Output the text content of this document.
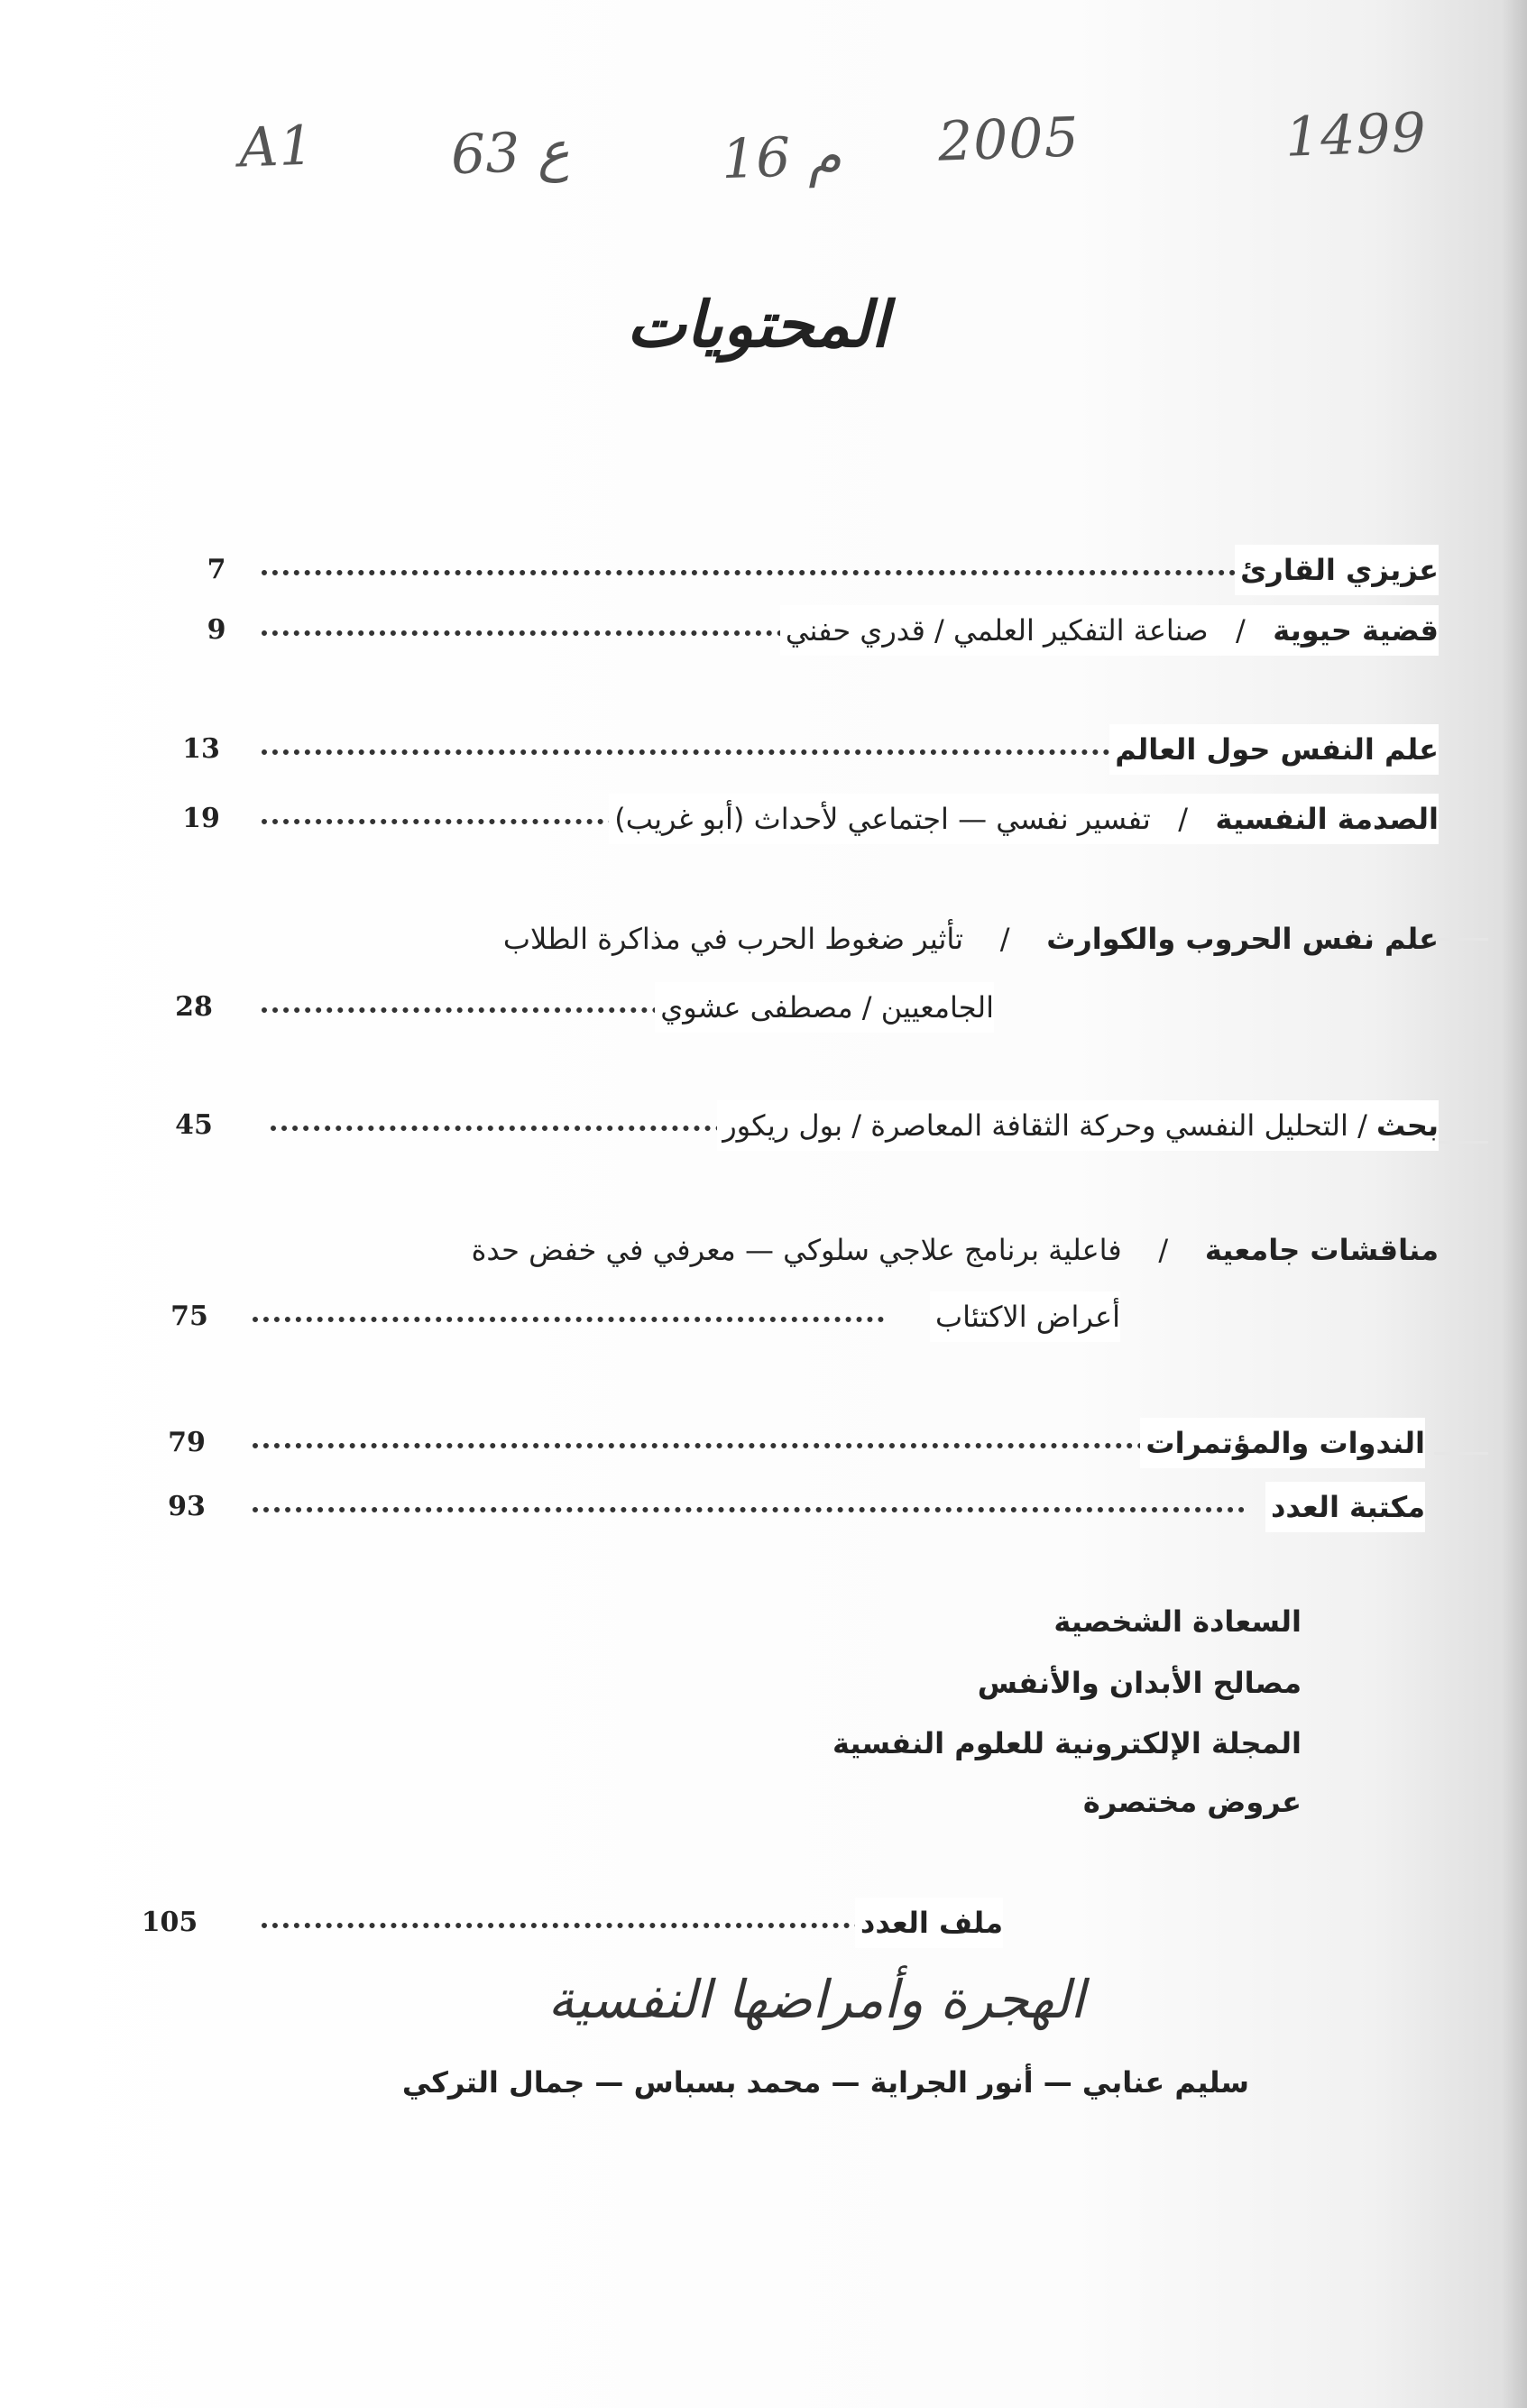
A1 63 ع	16 م 2005	1499
المحتويات
7	عزيزي القارئ
9	قضية حيوية   /   صناعة التفكير العلمي / قدري حفني
13	علم النفس حول العالم
19	الصدمة النفسية   /   تفسير نفسي — اجتماعي لأحداث (أبو غريب)
علم نفس الحروب والكوارث    /    تأثير ضغوط الحرب في مذاكرة الطلاب
28	الجامعيين / مصطفى عشوي
45	بحث / التحليل النفسي وحركة الثقافة المعاصرة / بول ريكور
مناقشات جامعية    /    فاعلية برنامج علاجي سلوكي — معرفي في خفض حدة
75	أعراض الاكتئاب
79	الندوات والمؤتمرات
93	مكتبة العدد
السعادة الشخصية
مصالح الأبدان والأنفس
المجلة الإلكترونية للعلوم النفسية
عروض مختصرة
105	ملف العدد
الهجرة وأمراضها النفسية
سليم عنابي — أنور الجراية — محمد بسباس — جمال التركي
